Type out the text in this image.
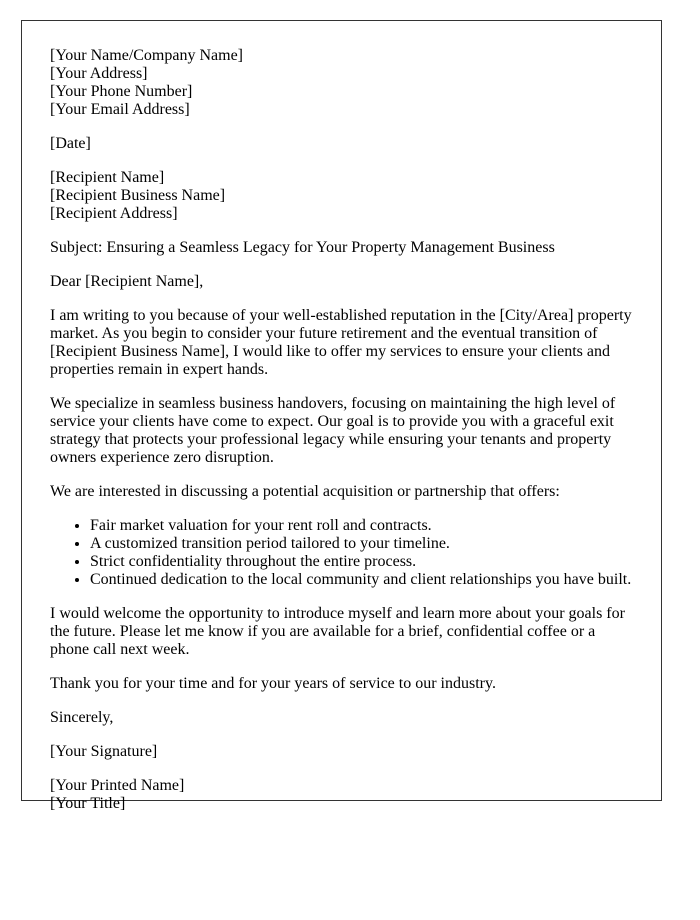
[Your Name/Company Name]
[Your Address]
[Your Phone Number]
[Your Email Address]

[Date]

[Recipient Name]
[Recipient Business Name]
[Recipient Address]

Subject: Ensuring a Seamless Legacy for Your Property Management Business

Dear [Recipient Name],

I am writing to you because of your well-established reputation in the [City/Area] property market. As you begin to consider your future retirement and the eventual transition of [Recipient Business Name], I would like to offer my services to ensure your clients and properties remain in expert hands.

We specialize in seamless business handovers, focusing on maintaining the high level of service your clients have come to expect. Our goal is to provide you with a graceful exit strategy that protects your professional legacy while ensuring your tenants and property owners experience zero disruption.

We are interested in discussing a potential acquisition or partnership that offers:

• Fair market valuation for your rent roll and contracts.
• A customized transition period tailored to your timeline.
• Strict confidentiality throughout the entire process.
• Continued dedication to the local community and client relationships you have built.

I would welcome the opportunity to introduce myself and learn more about your goals for the future. Please let me know if you are available for a brief, confidential coffee or a phone call next week.

Thank you for your time and for your years of service to our industry.

Sincerely,

[Your Signature]

[Your Printed Name]
[Your Title]
